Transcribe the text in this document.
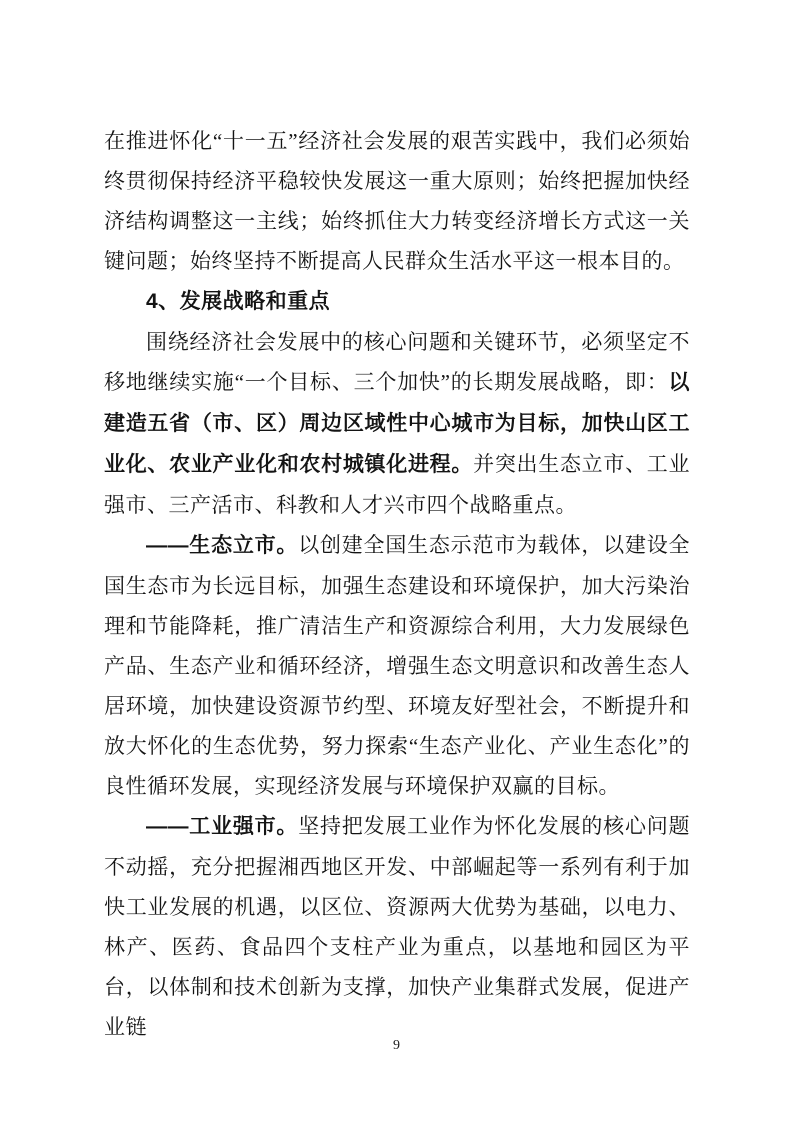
在推进怀化“十一五”经济社会发展的艰苦实践中，我们必须始终贯彻保持经济平稳较快发展这一重大原则；始终把握加快经济结构调整这一主线；始终抓住大力转变经济增长方式这一关键问题；始终坚持不断提高人民群众生活水平这一根本目的。

4、发展战略和重点

围绕经济社会发展中的核心问题和关键环节，必须坚定不移地继续实施“一个目标、三个加快”的长期发展战略，即：以建造五省（市、区）周边区域性中心城市为目标，加快山区工业化、农业产业化和农村城镇化进程。并突出生态立市、工业强市、三产活市、科教和人才兴市四个战略重点。

——生态立市。以创建全国生态示范市为载体，以建设全国生态市为长远目标，加强生态建设和环境保护，加大污染治理和节能降耗，推广清洁生产和资源综合利用，大力发展绿色产品、生态产业和循环经济，增强生态文明意识和改善生态人居环境，加快建设资源节约型、环境友好型社会，不断提升和放大怀化的生态优势，努力探索“生态产业化、产业生态化”的良性循环发展，实现经济发展与环境保护双赢的目标。

——工业强市。坚持把发展工业作为怀化发展的核心问题不动摇，充分把握湘西地区开发、中部崛起等一系列有利于加快工业发展的机遇，以区位、资源两大优势为基础，以电力、林产、医药、食品四个支柱产业为重点，以基地和园区为平台，以体制和技术创新为支撑，加快产业集群式发展，促进产业链

9
